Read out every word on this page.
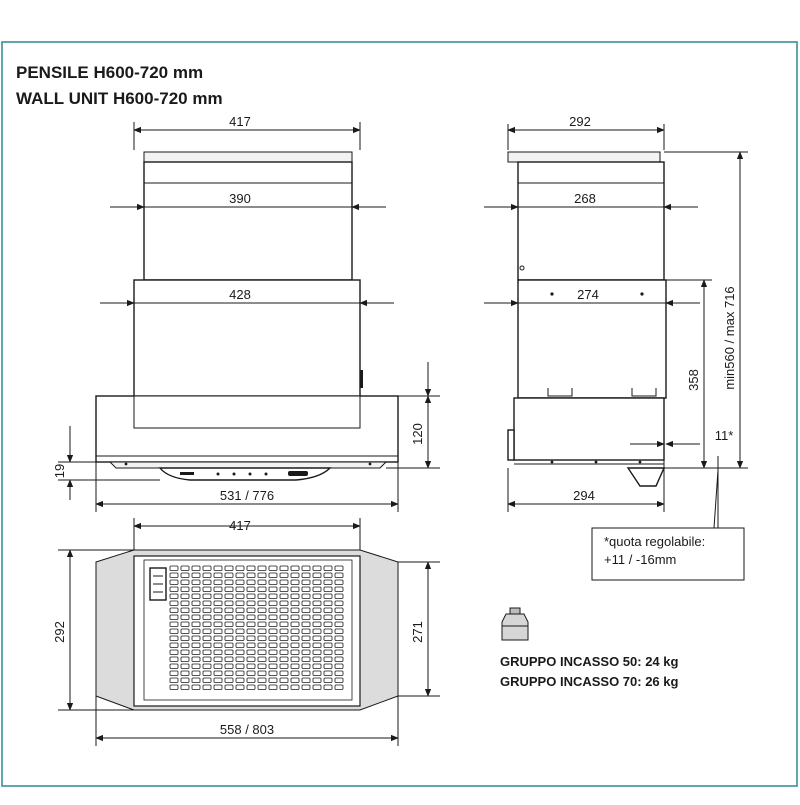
PENSILE H600-720 mm
WALL UNIT H600-720 mm
417
390
428
120
19
531 / 776
292
268
274	min560 / max 716
358
11*
294
*quota regolabile:
+11 / -16mm
417
292	271
558 / 803
GRUPPO INCASSO 50: 24 kg
GRUPPO INCASSO 70: 26 kg
